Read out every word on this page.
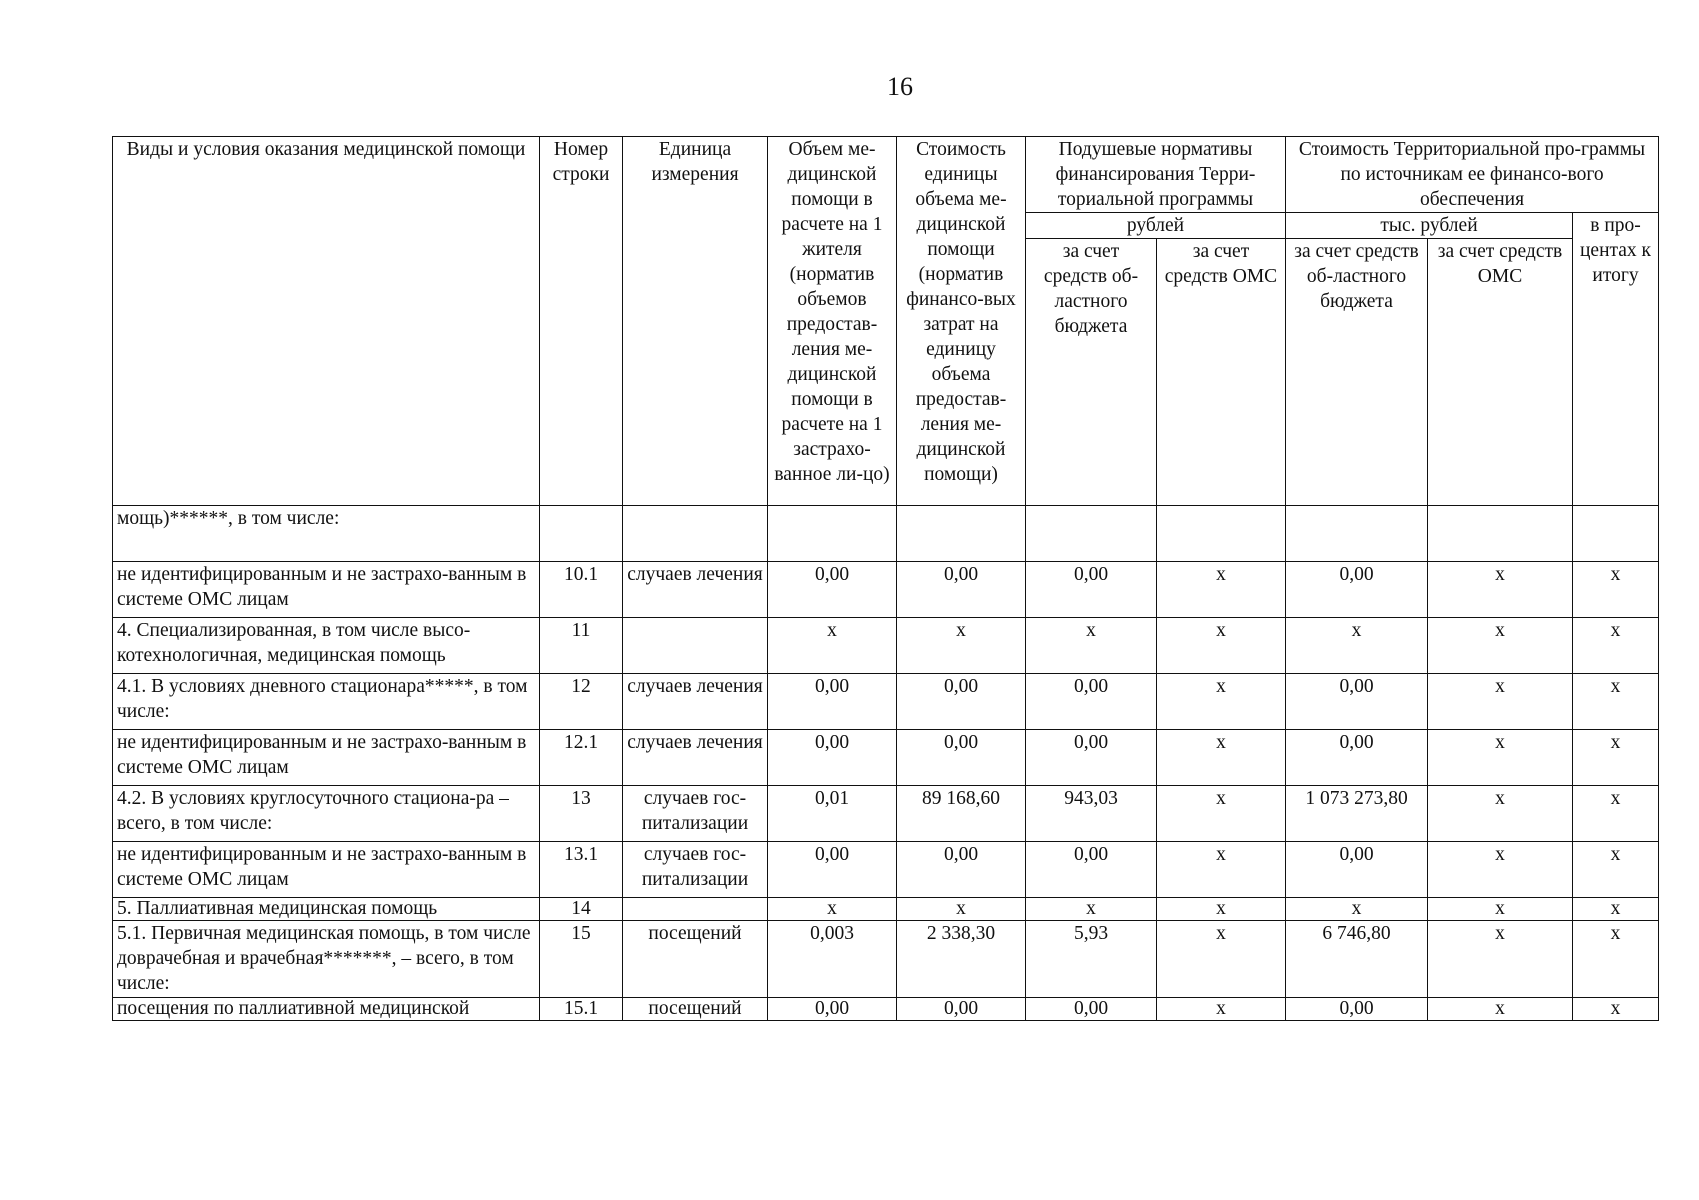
16
Виды и условия оказания медицинской помощи	Номер строки	Единица измерения	Объем ме-дицинской помощи в расчете на 1 жителя (норматив объемов предостав-ления ме-дицинской помощи в расчете на 1 застрахо-ванное ли-цо)	Стоимость единицы объема ме-дицинской помощи (норматив финансо-вых затрат на единицу объема предостав-ления ме-дицинской помощи)	Подушевые нормативы финансирования Терри-ториальной программы		Стоимость Территориальной про-граммы по источникам ее финансо-вого обеспечения		
					рублей		тыс. рублей		в про-центах к итогу
					за счет средств об-ластного бюджета	за счет средств ОМС	за счет средств об-ластного бюджета	за счет средств ОМС	
мощь)******, в том числе:									
не идентифицированным и не застрахо-ванным в системе ОМС лицам	10.1	случаев лечения	0,00	0,00	0,00	х	0,00	х	х
4. Специализированная, в том числе высо-котехнологичная, медицинская помощь	11		х	х	х	х	х	х	х
4.1. В условиях дневного стационара*****, в том числе:	12	случаев лечения	0,00	0,00	0,00	х	0,00	х	х
не идентифицированным и не застрахо-ванным в системе ОМС лицам	12.1	случаев лечения	0,00	0,00	0,00	х	0,00	х	х
4.2. В условиях круглосуточного стациона-ра – всего, в том числе:	13	случаев гос-питализации	0,01	89 168,60	943,03	х	1 073 273,80	х	х
не идентифицированным и не застрахо-ванным в системе ОМС лицам	13.1	случаев гос-питализации	0,00	0,00	0,00	х	0,00	х	х
5. Паллиативная медицинская помощь	14		х	х	х	х	х	х	х
5.1. Первичная медицинская помощь, в том числе доврачебная и врачебная*******, – всего, в том числе:	15	посещений	0,003	2 338,30	5,93	х	6 746,80	х	х
посещения по паллиативной медицинской	15.1	посещений	0,00	0,00	0,00	х	0,00	х	х
